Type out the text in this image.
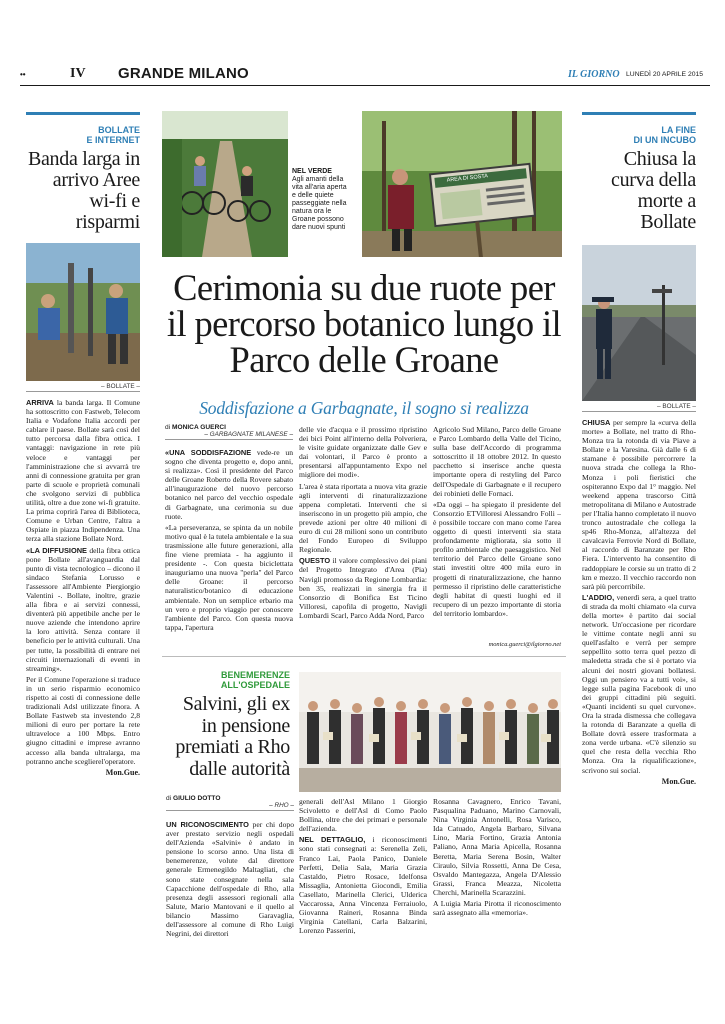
••	IV GRANDE MILANO	IL GIORNO LUNEDÌ 20 APRILE 2015
BOLLATE
E INTERNET
Banda larga in arrivo Aree wi-fi e risparmi
– BOLLATE –

ARRIVA la banda larga. Il Comune ha sottoscritto con Fastweb, Telecom Italia e Vodafone Italia accordi per cablare il paese. Bollate sarà così del tutto percorsa dalla fibra ottica. I vantaggi: navigazione in rete più veloce e vantaggi per l'amministrazione che si avvarrà tre anni di connessione gratuita per gran parte di scuole e proprietà comunali che svolgono servizi di pubblica utilità, oltre a due zone wi-fi gratuite. La prima coprirà l'area di Biblioteca, Comune e Urban Centre, l'altra a Ospiate in piazza Indipendenza. Una terza alla stazione Bollate Nord.

«LA DIFFUSIONE della fibra ottica pone Bollate all'avanguardia dal punto di vista tecnologico – dicono il sindaco Stefania Lorusso e l'assessore all'Ambiente Piergiorgio Valentini -. Bollate, inoltre, grazie alla fibra e ai servizi connessi, diventerà più appetibile anche per le nuove aziende che intendono aprire la loro attività. Senza contare il beneficio per le attività culturali. Una per tutte, la possibilità di entrare nei circuiti internazionali di eventi in streaming».

Per il Comune l'operazione si traduce in un serio risparmio economico rispetto ai costi di connessione delle tradizionali Adsl utilizzate finora. A Bollate Fastweb sta investendo 2,8 milioni di euro per portare la rete ultraveloce a 100 Mbps. Entro giugno cittadini e imprese avranno accesso alla banda ultralarga, ma potranno anche sceglierel'operatore.

Mon.Gue.
NEL VERDE
Agli amanti della vita all'aria aperta e delle quiete passeggiate nella natura ora le Groane possono dare nuovi spunti
AREA DI SOSTA
Cerimonia su due ruote per il percorso botanico lungo il Parco delle Groane
Soddisfazione a Garbagnate, il sogno si realizza
di MONICA GUERCI
– GARBAGNATE MILANESE –

«UNA SODDISFAZIONE vede-re un sogno che diventa progetto e, dopo anni, si realizza». Così il presidente del Parco delle Groane Roberto della Rovere sabato all'inaugurazione del nuovo percorso botanico nel parco del vecchio ospedale di Garbagnate, una cerimonia su due ruote.

«La perseveranza, se spinta da un nobile motivo qual è la tutela ambientale e la sua trasmissione alle future generazioni, alla fine viene premiata - ha aggiunto il presidente -. Con questa biciclettata inauguriamo una nuova "perla" del Parco delle Groane: il percorso naturalistico/botanico di educazione ambientale. Non un semplice erbario ma un vero e proprio viaggio per conoscere l'ambiente del Parco. Con questa nuova tappa, l'apertura

delle vie d'acqua e il prossimo ripristino dei bici Point all'interno della Polveriera, le visite guidate organizzate dalle Gev e dai volontari, il Parco è pronto a presentarsi all'appuntamento Expo nel migliore dei modi».

L'area è stata riportata a nuova vita grazie agli interventi di rinaturalizzazione appena completati. Interventi che si inseriscono in un progetto più ampio, che prevede azioni per oltre 40 milioni di euro di cui 28 milioni sono un contributo del Fondo Europeo di Sviluppo Regionale.

QUESTO il valore complessivo dei piani del Progetto Integrato d'Area (Pia) Navigli promosso da Regione Lombardia: ben 35, realizzati in sinergia fra il Consorzio di Bonifica Est Ticino Villoresi, capofila di progetto, Navigli Lombardi Scarl, Parco Adda Nord, Parco

Agricolo Sud Milano, Parco delle Groane e Parco Lombardo della Valle del Ticino, sulla base dell'Accordo di programma sottoscritto il 18 ottobre 2012. In questo pacchetto si inserisce anche questa importante opera di restyling del Parco dell'Ospedale di Garbagnate e il recupero dei robinieti delle Fornaci.

«Da oggi – ha spiegato il presidente del Consorzio ETVilloresi Alessandro Folli – è possibile toccare con mano come l'area oggetto di questi interventi sia stata profondamente migliorata, sia sotto il profilo ambientale che paesaggistico. Nel territorio del Parco delle Groane sono stati investiti oltre 400 mila euro in progetti di rinaturalizzazione, che hanno permesso il ripristino delle caratteristiche degli habitat di questi luoghi ed il recupero di un pezzo importante di storia del territorio lombardo».

monica.guerci@ilgiorno.net
BENEMERENZE
ALL'OSPEDALE
Salvini, gli ex in pensione premiati a Rho dalle autorità
di GIULIO DOTTO
– RHO –

UN RICONOSCIMENTO per chi dopo aver prestato servizio negli ospedali dell'Azienda «Salvini» è andato in pensione lo scorso anno. Una lista di benemerenze, volute dal direttore generale Ermenegildo Maltagliati, che sono state consegnate nella sala Capacchione dell'ospedale di Rho, alla presenza degli assessori regionali alla Salute, Mario Mantovani e il quello al bilancio Massimo Garavaglia, dell'assessore al comune di Rho Luigi Negrini, dei direttori

generali dell'Asl Milano 1 Giorgio Scivoletto e dell'Asl di Como Paolo Bollina, oltre che dei primari e personale dell'azienda.

NEL DETTAGLIO, i riconoscimenti sono stati consegnati a: Serenella Zeli, Franco Lai, Paola Panico, Daniele Perfetti, Delia Sala, Maria Grazia Castaldo, Pietro Rosace, Idelfonsa Missaglia, Antonietta Giocondi, Emilia Casellato, Marinella Clerici, Ulderica Vaccarossa, Anna Vincenza Ferraiuolo, Giovanna Raineri, Rosanna Binda Virginia Catellani, Carla Balzarini, Lorenzo Passerini,

Rosanna Cavagnero, Enrico Tavani, Pasqualina Paduano, Marino Carnovali, Nina Virginia Antonelli, Rosa Varisco, Ida Catuado, Angela Barbaro, Silvana Lino, Maria Fortino, Grazia Antonia Paliano, Anna Maria Apicella, Rosanna Beretta, Maria Serena Bosin, Walter Ciraulo, Silvia Rossetti, Anna De Cesa, Osvaldo Mantegazza, Angela D'Alessio Grassi, Franca Meazza, Nicoletta Cherchi, Marinella Scarazzini.

A Luigia Maria Pirotta il riconoscimento sarà assegnato alla «memoria».

LA FINE
DI UN INCUBO
Chiusa la curva della morte a Bollate
– BOLLATE –

CHIUSA per sempre la «curva della morte» a Bollate, nel tratto di Rho-Monza tra la rotonda di via Piave a Bollate e la Varesina. Già dalle 6 di stamane è possibile percorrere la nuova strada che collega la Rho-Monza i poli fieristici che ospiteranno Expo dal 1° maggio. Nel weekend appena trascorso Città metropolitana di Milano e Autostrade per l'Italia hanno completato il nuovo tronco autostradale che collega la sp46 Rho-Monza, all'altezza del cavalcavia Ferrovie Nord di Bollate, al raccordo di Baranzate per Rho Fiera. L'intervento ha consentito di raddoppiare le corsie su un tratto di 2 km e mezzo. Il vecchio raccordo non sarà più percorribile.

L'ADDIO, venerdì sera, a quel tratto di strada da molti chiamato «la curva della morte» è partito dai social network. Un'occasione per ricordare le vittime contate negli anni su quell'asfalto e verrà per sempre seppellito sotto terra quel pezzo di maledetta strada che si è portato via alcuni dei nostri giovani bollatesi. Oggi un pensiero va a tutti voi», si legge sulla pagina Facebook di uno dei gruppi cittadini più seguiti. «Quanti incidenti su quel curvone». Ora la strada dismessa che collegava la rotonda di Baranzate a quella di Bollate dovrà essere trasformata a zona verde urbana. «C'è silenzio su quel che resta della vecchia Rho Monza. Ora la riqualificazione», scrivono sui social.

Mon.Gue.
